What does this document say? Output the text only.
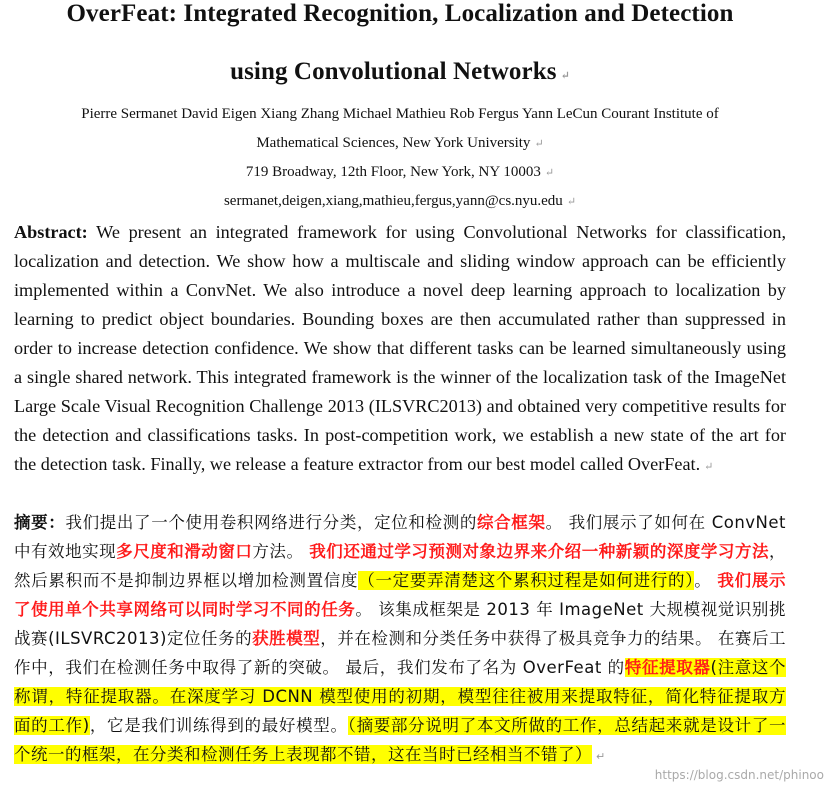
OverFeat: Integrated Recognition, Localization and Detection
using Convolutional Networks ↵
Pierre Sermanet David Eigen Xiang Zhang Michael Mathieu Rob Fergus Yann LeCun Courant Institute of
Mathematical Sciences, New York University ↵
719 Broadway, 12th Floor, New York, NY 10003 ↵
sermanet,deigen,xiang,mathieu,fergus,yann@cs.nyu.edu ↵
Abstract: We present an integrated framework for using Convolutional Networks for classification, localization and detection. We show how a multiscale and sliding window approach can be efficiently implemented within a ConvNet. We also introduce a novel deep learning approach to localization by learning to predict object boundaries. Bounding boxes are then accumulated rather than suppressed in order to increase detection confidence. We show that different tasks can be learned simultaneously using a single shared network. This integrated framework is the winner of the localization task of the ImageNet Large Scale Visual Recognition Challenge 2013 (ILSVRC2013) and obtained very competitive results for the detection and classifications tasks. In post-competition work, we establish a new state of the art for the detection task. Finally, we release a feature extractor from our best model called OverFeat. ↵
摘要：我们提出了一个使用卷积网络进行分类，定位和检测的综合框架。 我们展示了如何在 ConvNet 中有效地实现多尺度和滑动窗口方法。 我们还通过学习预测对象边界来介绍一种新颖的深度学习方法， 然后累积而不是抑制边界框以增加检测置信度（一定要弄清楚这个累积过程是如何进行的）。 我们展示了使用单个共享网络可以同时学习不同的任务。 该集成框架是 2013 年 ImageNet 大规模视觉识别挑战赛(ILSVRC2013)定位任务的获胜模型，并在检测和分类任务中获得了极具竞争力的结果。 在赛后工作中，我们在检测任务中取得了新的突破。 最后，我们发布了名为 OverFeat 的特征提取器(注意这个称谓，特征提取器。在深度学习 DCNN 模型使用的初期，模型往往被用来提取特征，简化特征提取方面的工作)，它是我们训练得到的最好模型。（摘要部分说明了本文所做的工作，总结起来就是设计了一个统一的框架，在分类和检测任务上表现都不错，这在当时已经相当不错了） ↵
https://blog.csdn.net/phinoo
